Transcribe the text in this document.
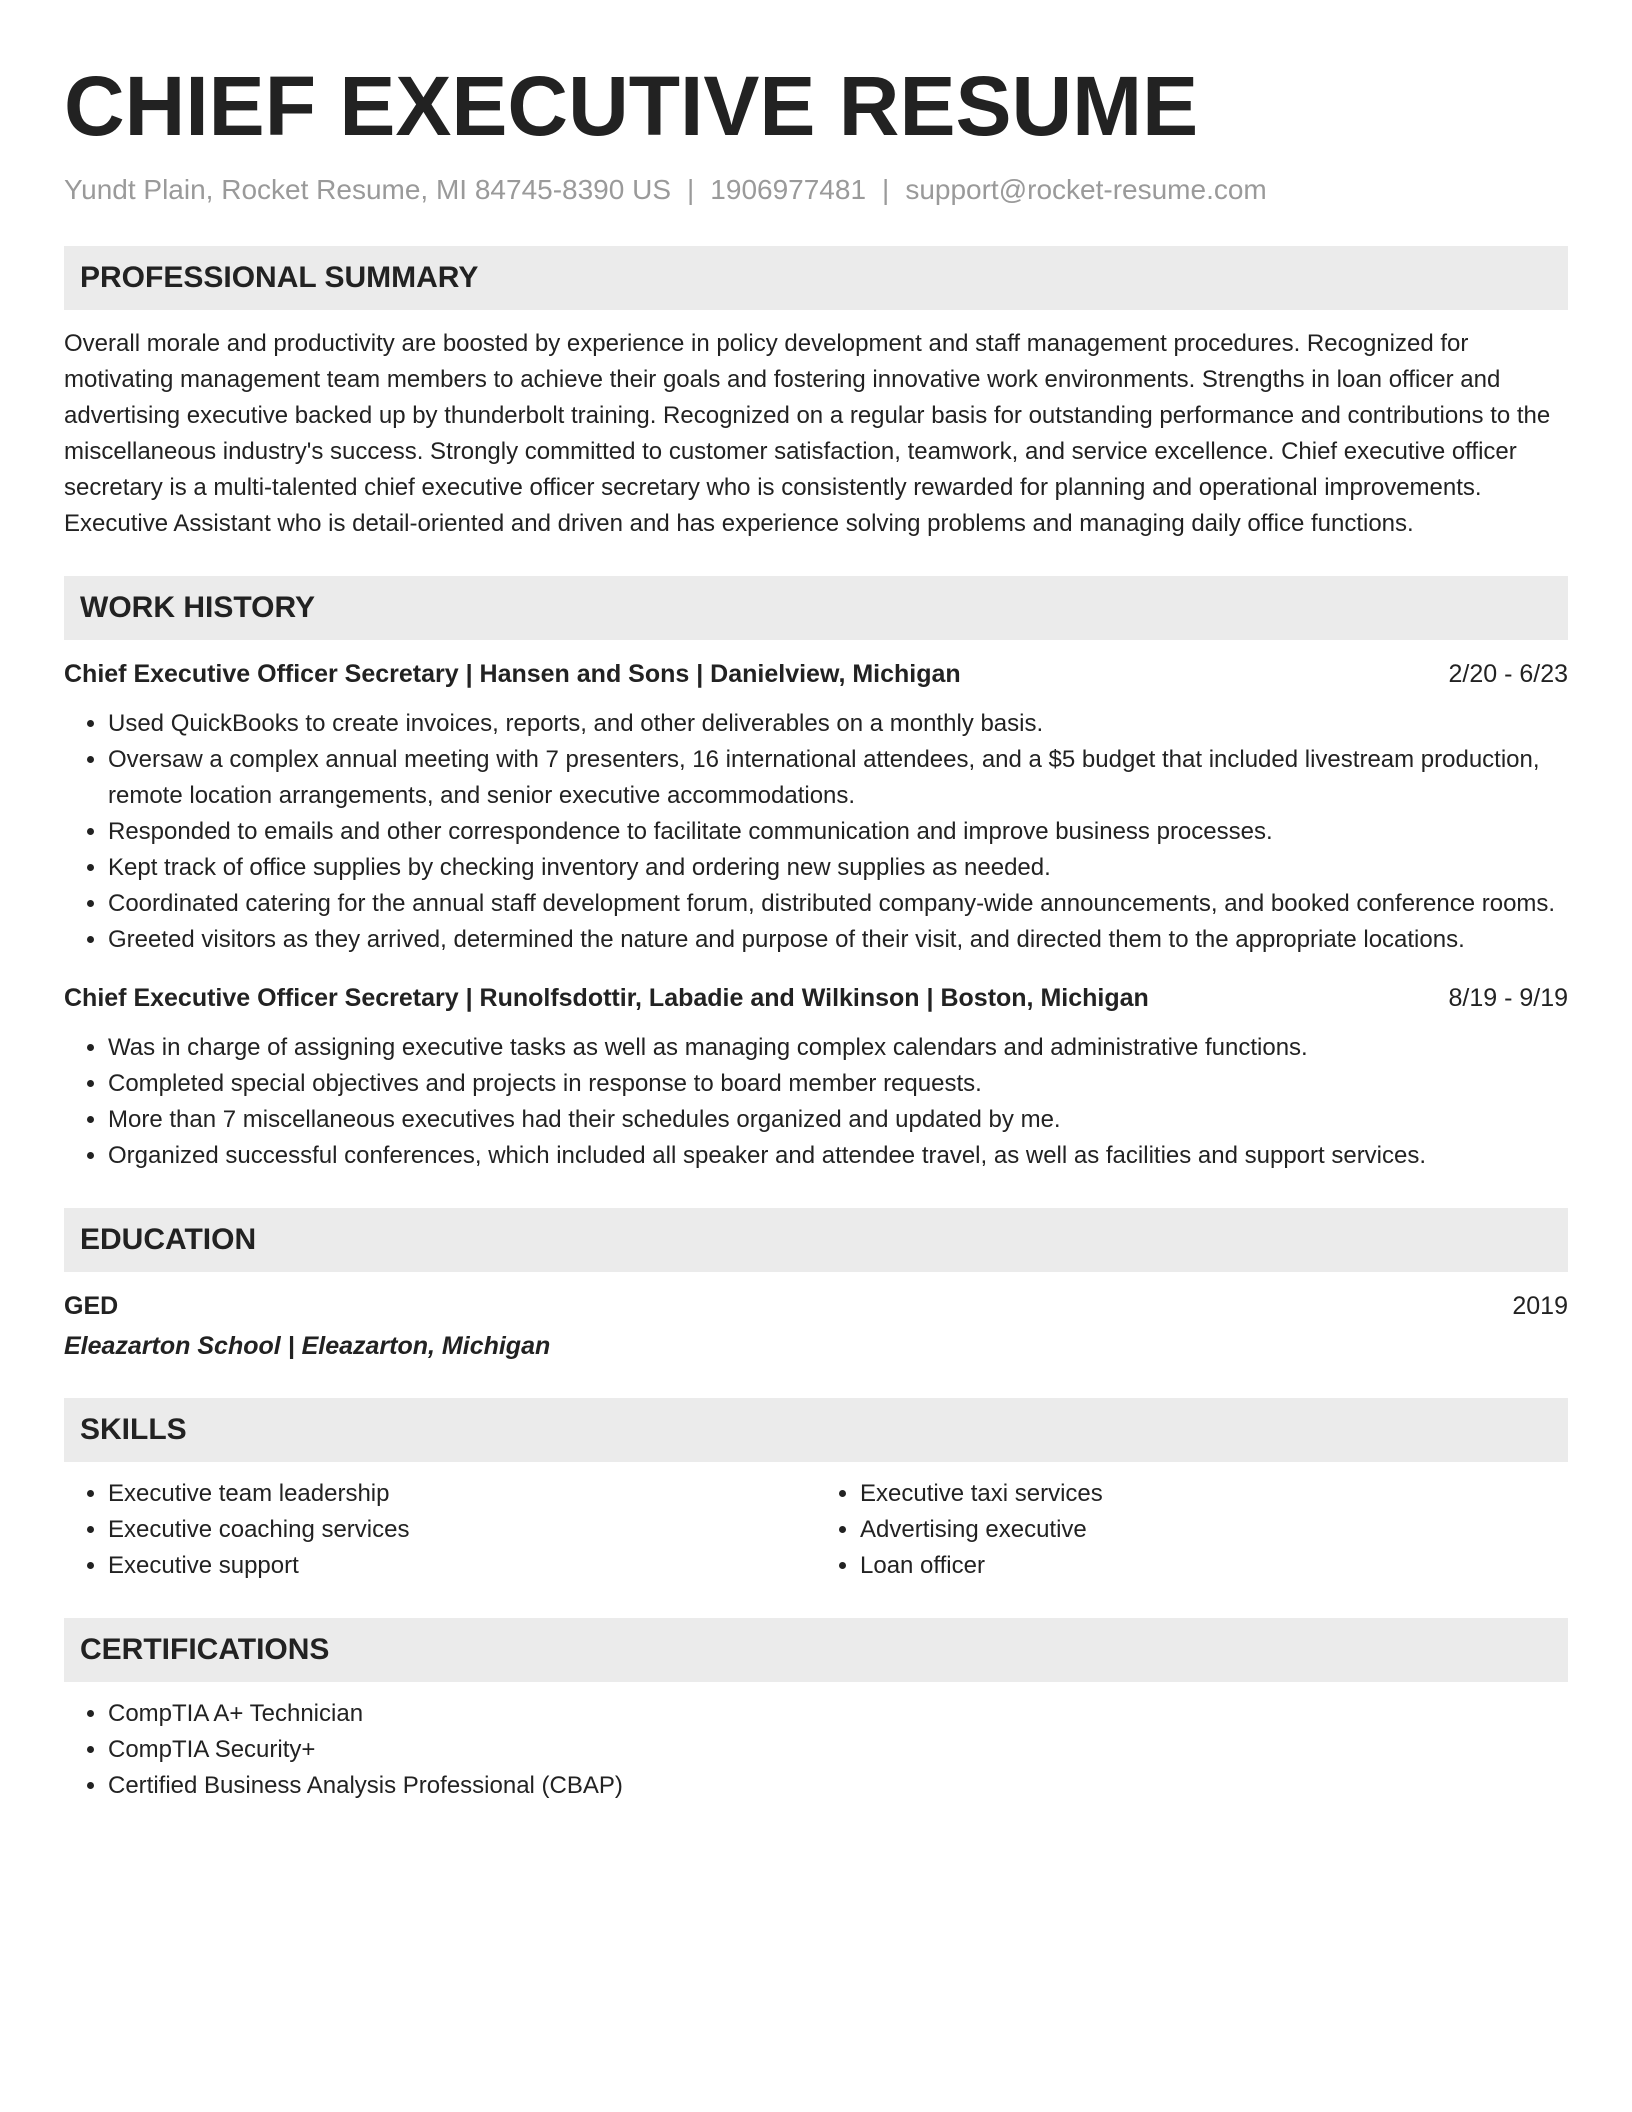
CHIEF EXECUTIVE RESUME
Yundt Plain, Rocket Resume, MI 84745-8390 US | 1906977481 | support@rocket-resume.com
PROFESSIONAL SUMMARY
Overall morale and productivity are boosted by experience in policy development and staff management procedures. Recognized for motivating management team members to achieve their goals and fostering innovative work environments. Strengths in loan officer and advertising executive backed up by thunderbolt training. Recognized on a regular basis for outstanding performance and contributions to the miscellaneous industry's success. Strongly committed to customer satisfaction, teamwork, and service excellence. Chief executive officer secretary is a multi-talented chief executive officer secretary who is consistently rewarded for planning and operational improvements. Executive Assistant who is detail-oriented and driven and has experience solving problems and managing daily office functions.
WORK HISTORY
Chief Executive Officer Secretary | Hansen and Sons | Danielview, Michigan	2/20 - 6/23
• Used QuickBooks to create invoices, reports, and other deliverables on a monthly basis.
• Oversaw a complex annual meeting with 7 presenters, 16 international attendees, and a $5 budget that included livestream production, remote location arrangements, and senior executive accommodations.
• Responded to emails and other correspondence to facilitate communication and improve business processes.
• Kept track of office supplies by checking inventory and ordering new supplies as needed.
• Coordinated catering for the annual staff development forum, distributed company-wide announcements, and booked conference rooms.
• Greeted visitors as they arrived, determined the nature and purpose of their visit, and directed them to the appropriate locations.
Chief Executive Officer Secretary | Runolfsdottir, Labadie and Wilkinson | Boston, Michigan	8/19 - 9/19
• Was in charge of assigning executive tasks as well as managing complex calendars and administrative functions.
• Completed special objectives and projects in response to board member requests.
• More than 7 miscellaneous executives had their schedules organized and updated by me.
• Organized successful conferences, which included all speaker and attendee travel, as well as facilities and support services.
EDUCATION
GED	2019
Eleazarton School | Eleazarton, Michigan
SKILLS
• Executive team leadership
• Executive coaching services
• Executive support
• Executive taxi services
• Advertising executive
• Loan officer
CERTIFICATIONS
• CompTIA A+ Technician
• CompTIA Security+
• Certified Business Analysis Professional (CBAP)
